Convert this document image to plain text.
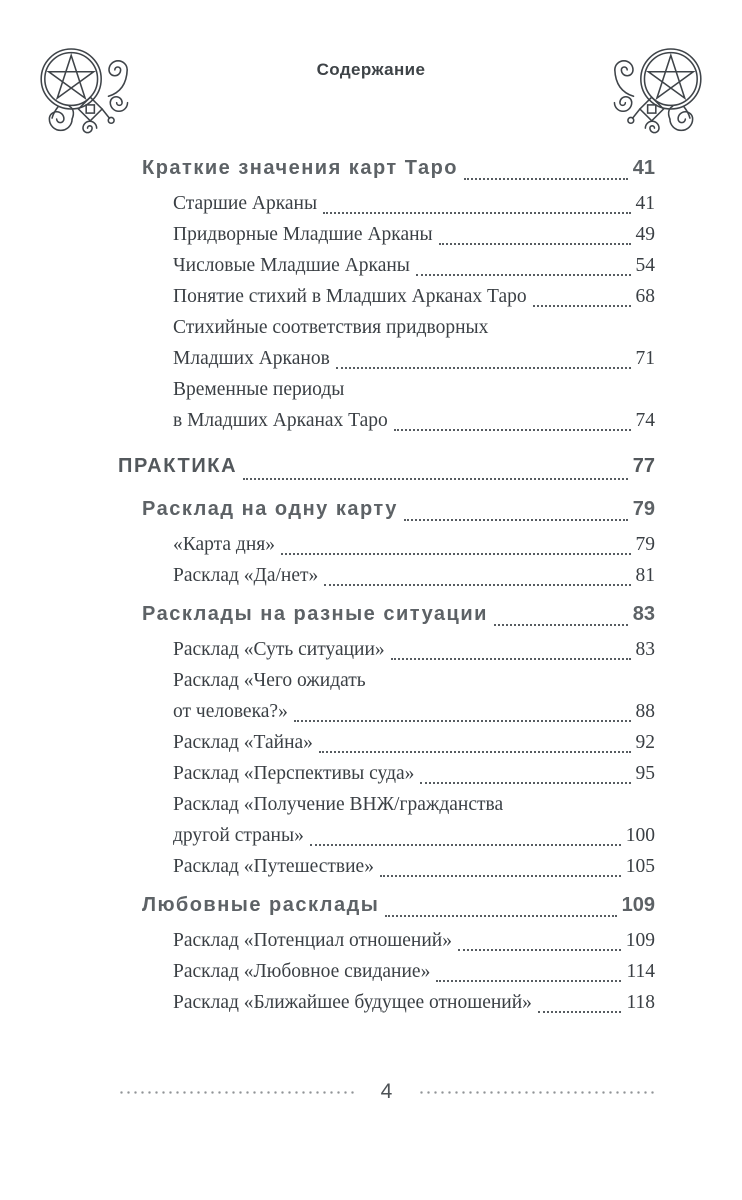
Содержание
Краткие значения карт Таро	41
Старшие Арканы	41
Придворные Младшие Арканы	49
Числовые Младшие Арканы	54
Понятие стихий в Младших Арканах Таро	68
Стихийные соответствия придворных
Младших Арканов	71
Временные периоды
в Младших Арканах Таро	74
ПРАКТИКА	77
Расклад на одну карту	79
«Карта дня»	79
Расклад «Да/нет»	81
Расклады на разные ситуации	83
Расклад «Суть ситуации»	83
Расклад «Чего ожидать
от человека?»	88
Расклад «Тайна»	92
Расклад «Перспективы суда»	95
Расклад «Получение ВНЖ/гражданства
другой страны»	100
Расклад «Путешествие»	105
Любовные расклады	109
Расклад «Потенциал отношений»	109
Расклад «Любовное свидание»	114
Расклад «Ближайшее будущее отношений»	118
4
